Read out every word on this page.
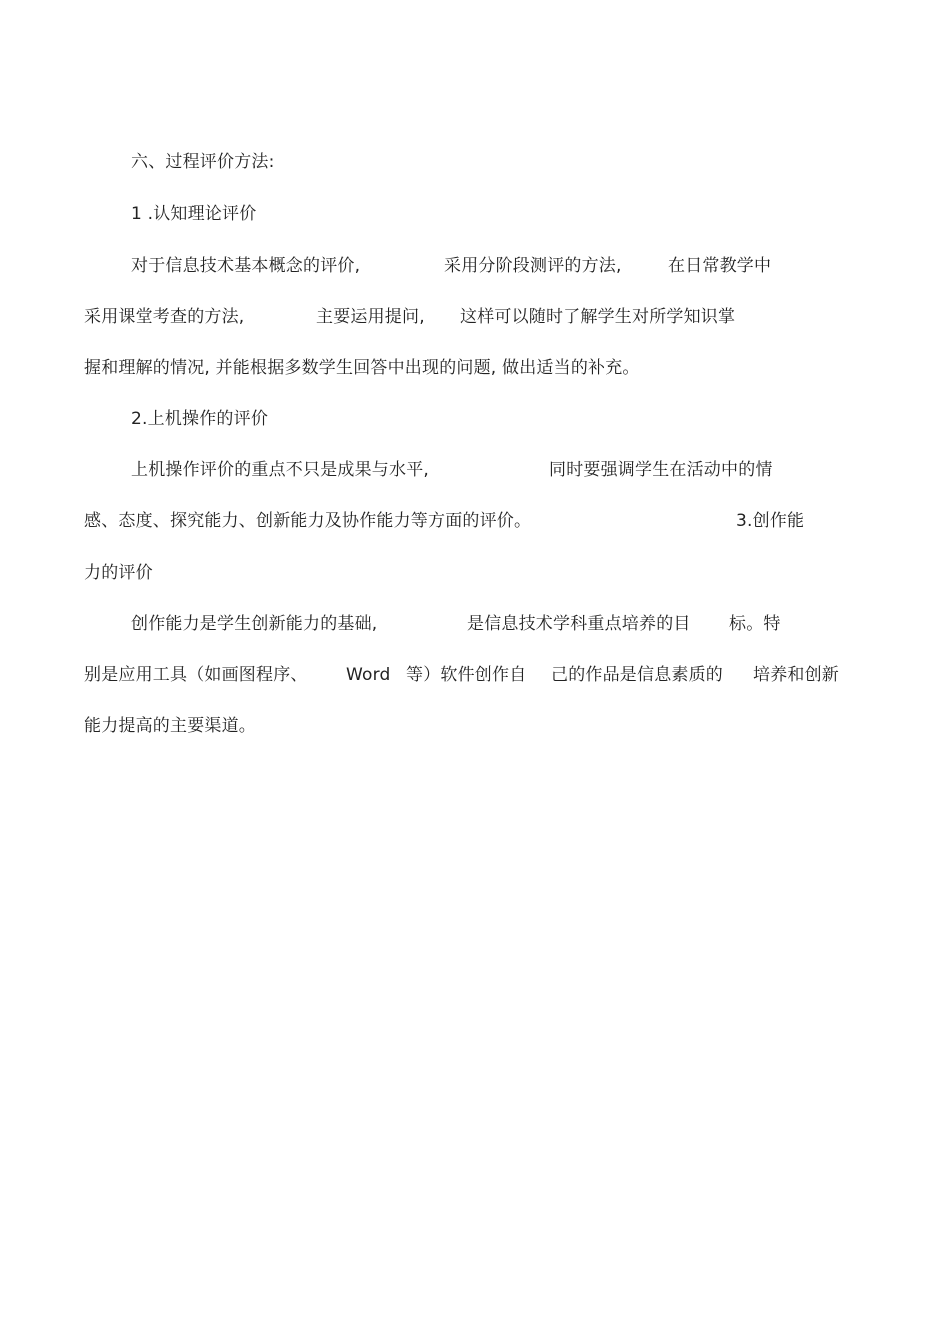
六、过程评价方法:
1 .认知理论评价

对于信息技术基本概念的评价,

	采用分阶段测评的方法,

	在日常教学中

采用课堂考查的方法,

	主要运用提问,

这样可以随时了解学生对所学知识掌

握和理解的情况, 并能根据多数学生回答中出现的问题, 做出适当的补充。
2.上机操作的评价

上机操作评价的重点不只是成果与水平,

	同时要强调学生在活动中的情

感、态度、探究能力、创新能力及协作能力等方面的评价。

	3.创作能

力的评价

创作能力是学生创新能力的基础,

	是信息技术学科重点培养的目

标。特

别是应用工具（如画图程序、

Word

等）软件创作自

己的作品是信息素质的

培养和创新

能力提高的主要渠道。
